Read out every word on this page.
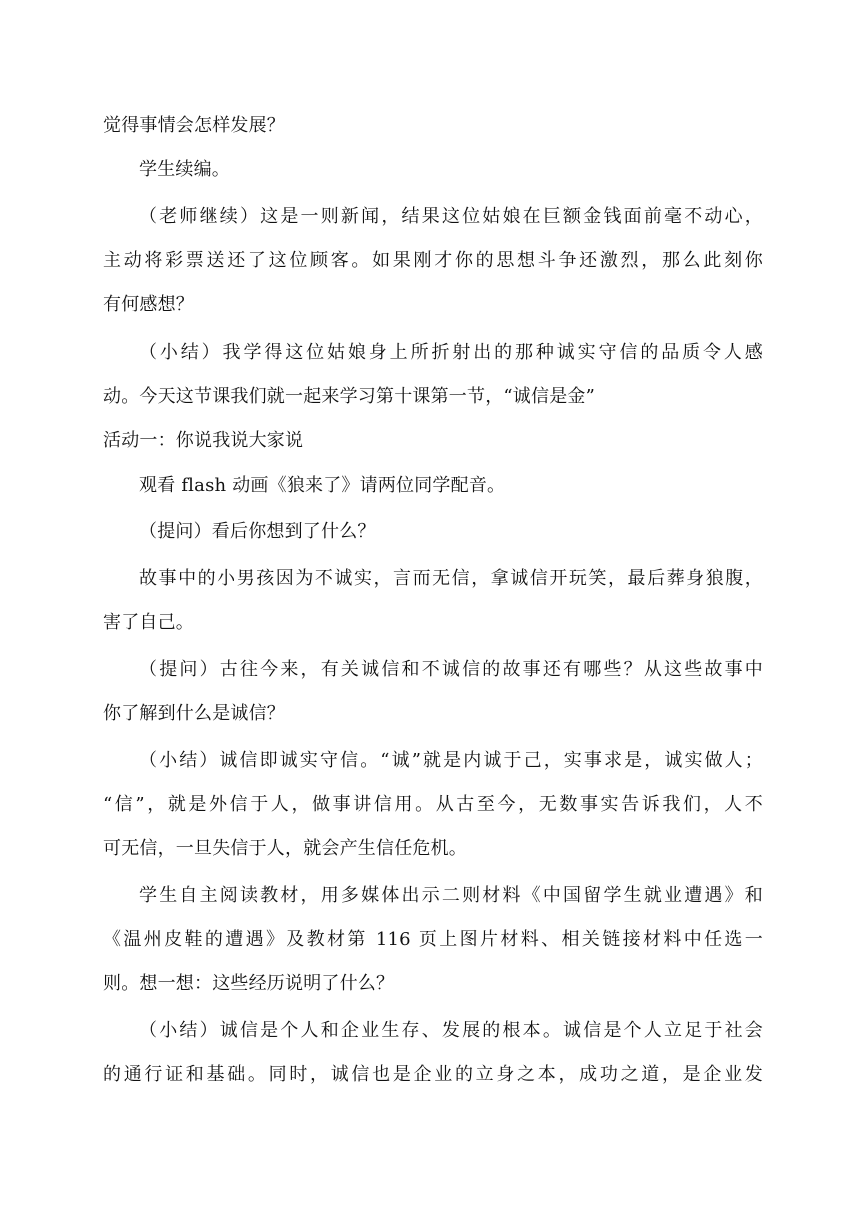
觉得事情会怎样发展？
学生续编。
（老师继续）这是一则新闻，结果这位姑娘在巨额金钱面前毫不动心，
主动将彩票送还了这位顾客。如果刚才你的思想斗争还激烈，那么此刻你
有何感想？
（小结）我学得这位姑娘身上所折射出的那种诚实守信的品质令人感
动。今天这节课我们就一起来学习第十课第一节，“诚信是金”
活动一：你说我说大家说
观看 flash 动画《狼来了》请两位同学配音。
（提问）看后你想到了什么？
故事中的小男孩因为不诚实，言而无信，拿诚信开玩笑，最后葬身狼腹，
害了自己。
（提问）古往今来，有关诚信和不诚信的故事还有哪些？从这些故事中
你了解到什么是诚信？
（小结）诚信即诚实守信。“诚”就是内诚于己，实事求是，诚实做人；
“信”，就是外信于人，做事讲信用。从古至今，无数事实告诉我们，人不
可无信，一旦失信于人，就会产生信任危机。
学生自主阅读教材，用多媒体出示二则材料《中国留学生就业遭遇》和
《温州皮鞋的遭遇》及教材第 116 页上图片材料、相关链接材料中任选一
则。想一想：这些经历说明了什么？
（小结）诚信是个人和企业生存、发展的根本。诚信是个人立足于社会
的通行证和基础。同时，诚信也是企业的立身之本，成功之道，是企业发
